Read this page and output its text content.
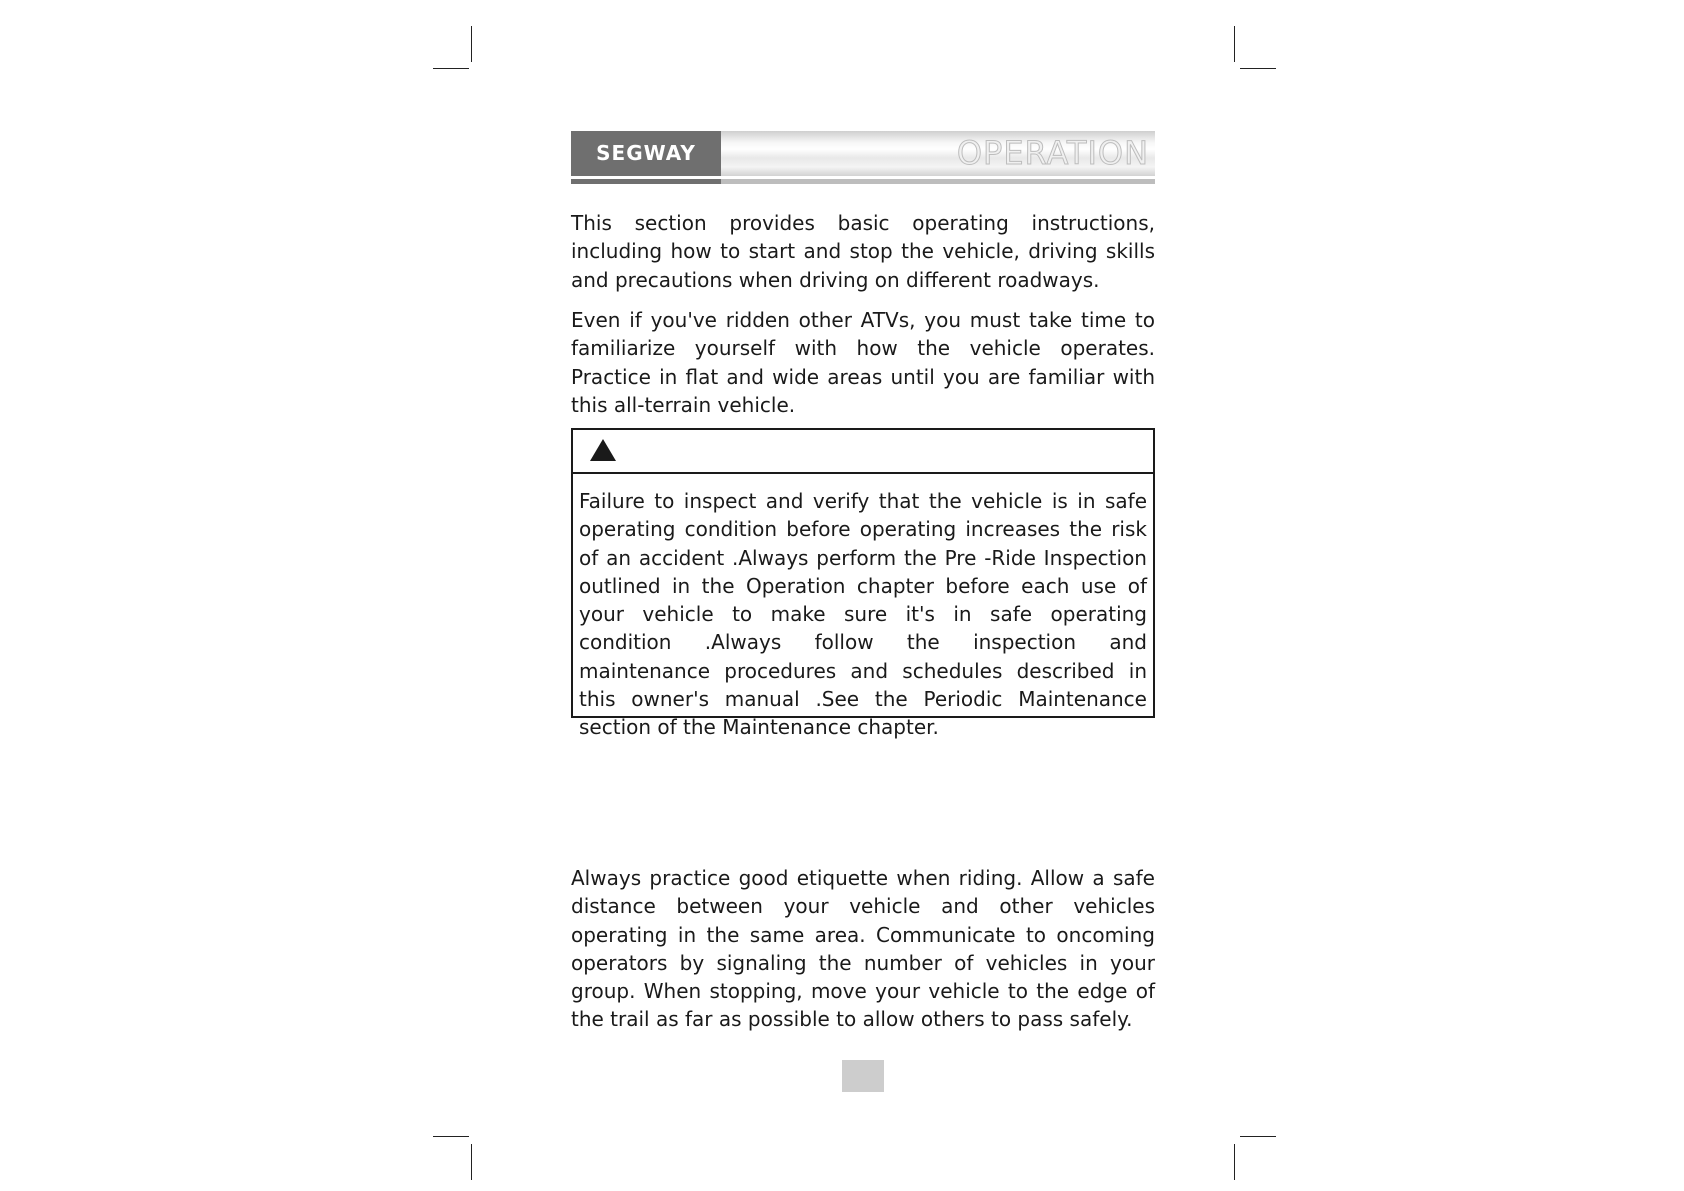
SEGWAY	OPERATION

This section provides basic operating instructions, including how to start and stop the vehicle, driving skills and precautions when driving on different roadways.

Even if you've ridden other ATVs, you must take time to familiarize yourself with how the vehicle operates. Practice in flat and wide areas until you are familiar with this all-terrain vehicle.

Failure to inspect and verify that the vehicle is in safe operating condition before operating increases the risk of an accident .Always perform the Pre -Ride Inspection outlined in the Operation chapter before each use of your vehicle to make sure it's in safe operating condition .Always follow the inspection and maintenance procedures and schedules described in this owner's manual .See the Periodic Maintenance section of the Maintenance chapter.

Always practice good etiquette when riding. Allow a safe distance between your vehicle and other vehicles operating in the same area. Communicate to oncoming operators by signaling the number of vehicles in your group. When stopping, move your vehicle to the edge of the trail as far as possible to allow others to pass safely.
